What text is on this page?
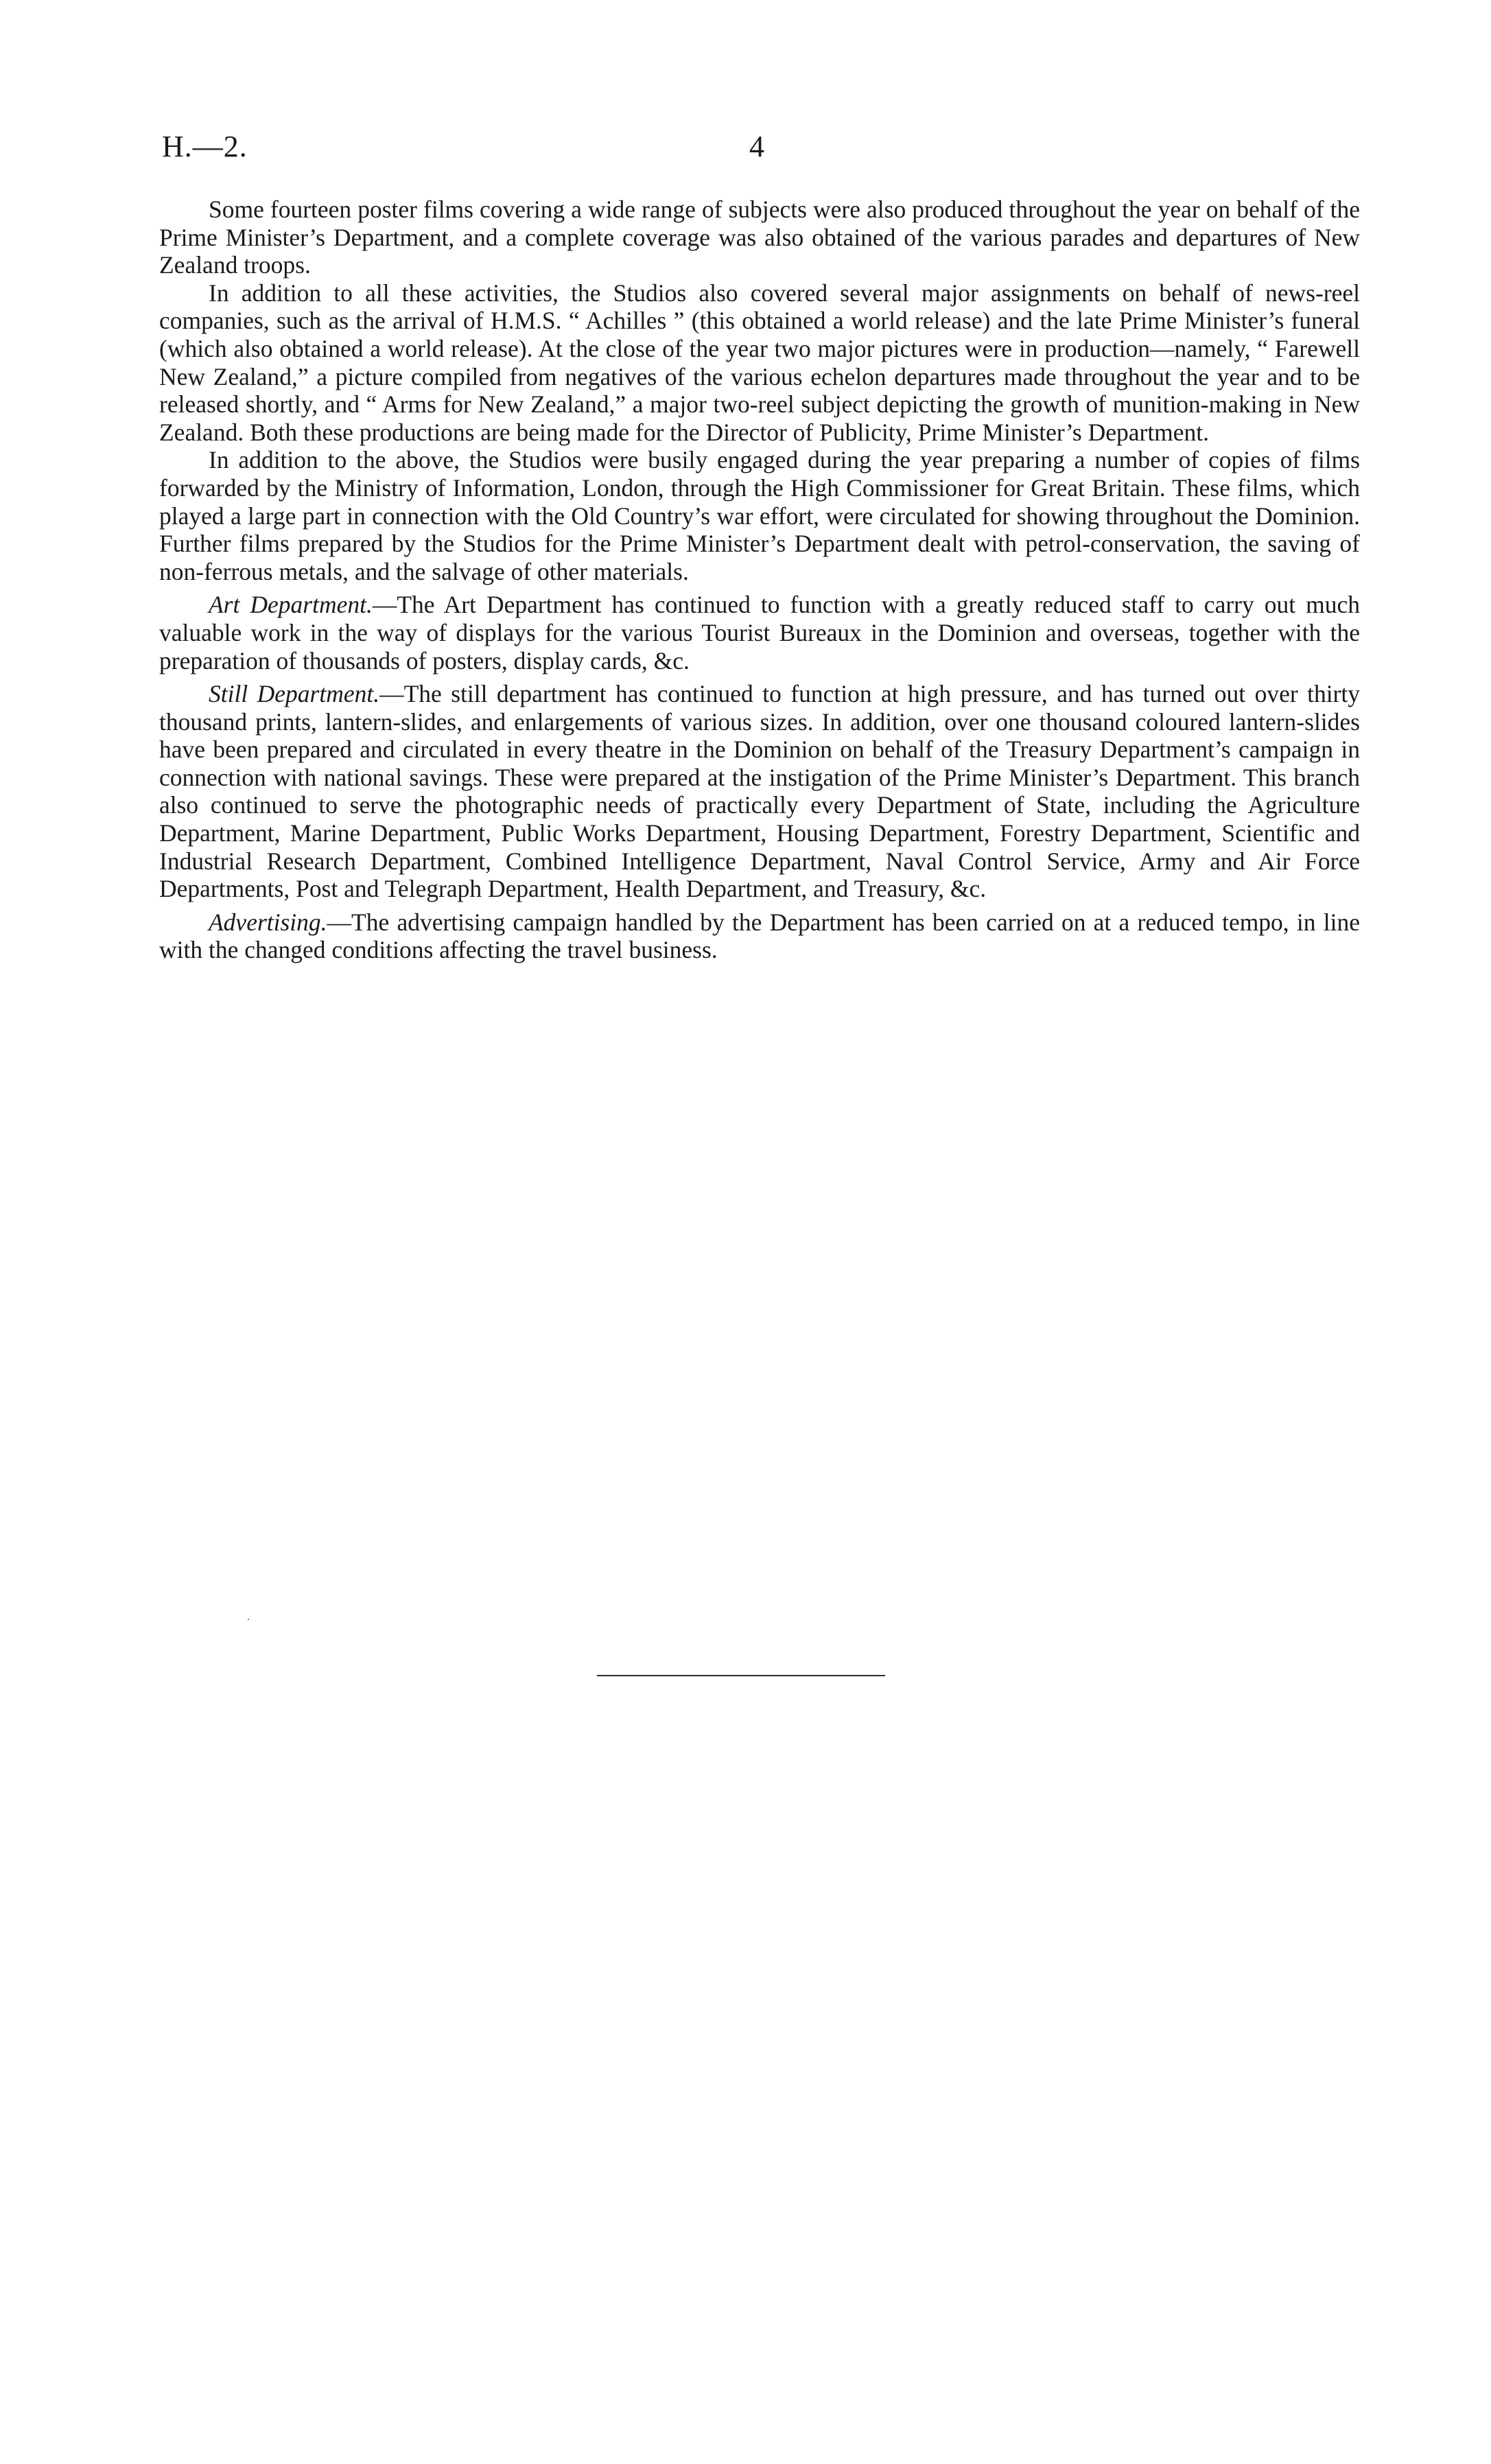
H.—2.	4

Some fourteen poster films covering a wide range of subjects were also produced throughout the year on behalf of the Prime Minister’s Department, and a complete coverage was also obtained of the various parades and departures of New Zealand troops.

In addition to all these activities, the Studios also covered several major assignments on behalf of news-reel companies, such as the arrival of H.M.S. “ Achilles ” (this obtained a world release) and the late Prime Minister’s funeral (which also obtained a world release). At the close of the year two major pictures were in production—namely, “ Farewell New Zealand,” a picture compiled from negatives of the various echelon departures made throughout the year and to be released shortly, and “ Arms for New Zealand,” a major two-reel subject depicting the growth of munition-making in New Zealand. Both these productions are being made for the Director of Publicity, Prime Minister’s Department.

In addition to the above, the Studios were busily engaged during the year preparing a number of copies of films forwarded by the Ministry of Information, London, through the High Commissioner for Great Britain. These films, which played a large part in connection with the Old Country’s war effort, were circulated for showing throughout the Dominion. Further films prepared by the Studios for the Prime Minister’s Department dealt with petrol-conservation, the saving of non-ferrous metals, and the salvage of other materials.

Art Department.—The Art Department has continued to function with a greatly reduced staff to carry out much valuable work in the way of displays for the various Tourist Bureaux in the Dominion and overseas, together with the preparation of thousands of posters, display cards, &c.

Still Department.—The still department has continued to function at high pressure, and has turned out over thirty thousand prints, lantern-slides, and enlargements of various sizes. In addition, over one thousand coloured lantern-slides have been prepared and circulated in every theatre in the Dominion on behalf of the Treasury Department’s campaign in connection with national savings. These were prepared at the instigation of the Prime Minister’s Department. This branch also continued to serve the photographic needs of practically every Department of State, including the Agriculture Department, Marine Department, Public Works Department, Housing Department, Forestry Department, Scientific and Industrial Research Department, Combined Intelligence Department, Naval Control Service, Army and Air Force Departments, Post and Telegraph Department, Health Department, and Treasury, &c.

Advertising.—The advertising campaign handled by the Department has been carried on at a reduced tempo, in line with the changed conditions affecting the travel business.
